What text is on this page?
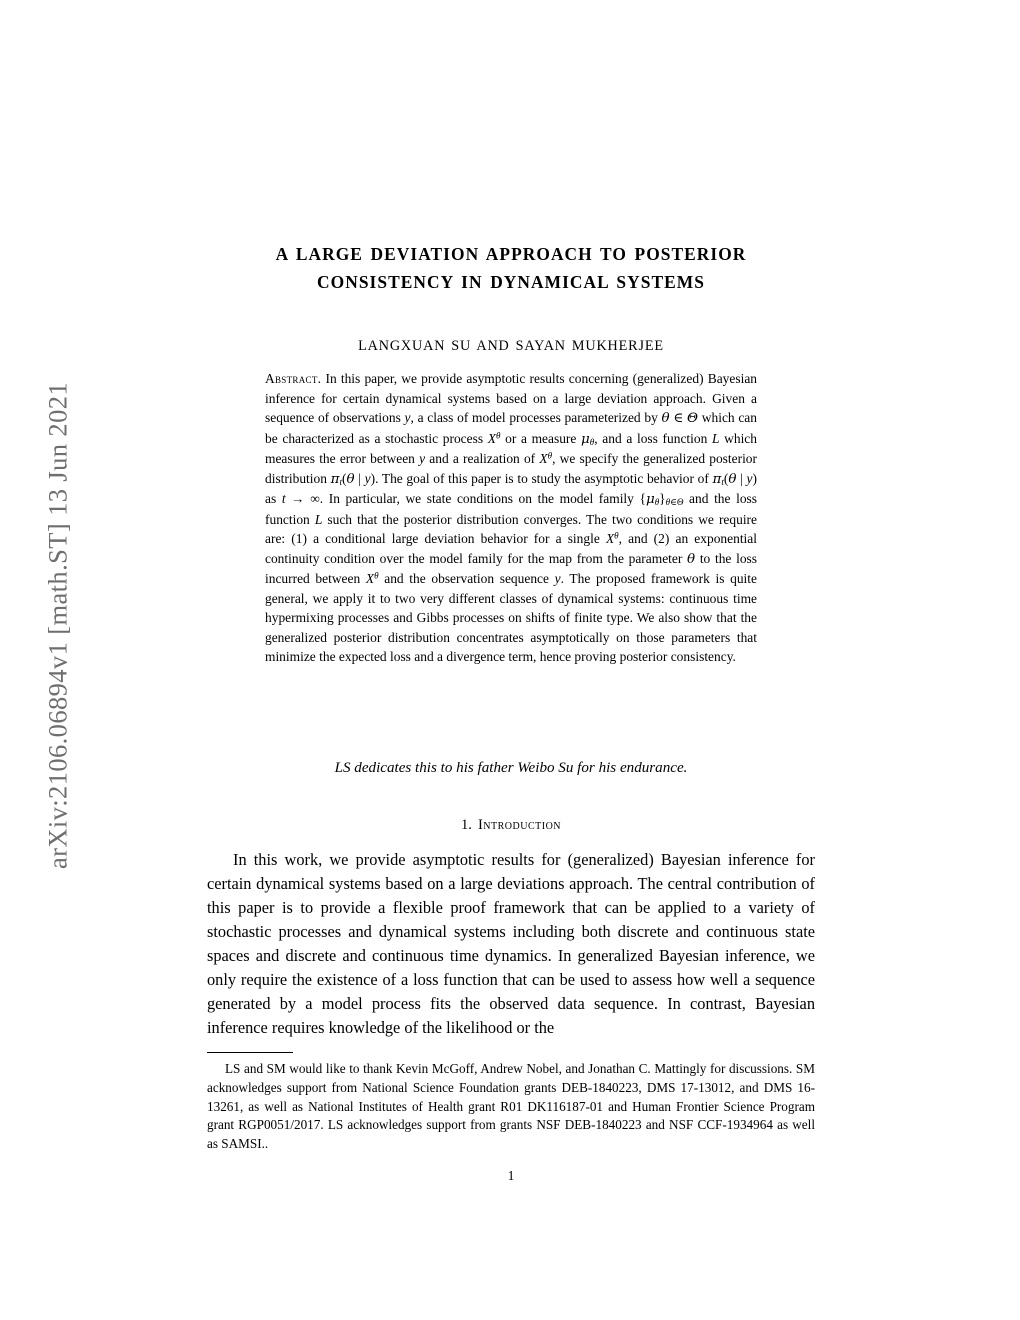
arXiv:2106.06894v1 [math.ST] 13 Jun 2021
A LARGE DEVIATION APPROACH TO POSTERIOR
CONSISTENCY IN DYNAMICAL SYSTEMS
LANGXUAN SU AND SAYAN MUKHERJEE

Abstract. In this paper, we provide asymptotic results concerning (generalized) Bayesian inference for certain dynamical systems based on a large deviation approach. Given a sequence of observations y, a class of model processes parameterized by θ ∈ Θ which can be characterized as a stochastic process $X^\theta$ or a measure $\mu_\theta$, and a loss function L which measures the error between y and a realization of $X^\theta$, we specify the generalized posterior distribution $\pi_t(\theta$ | y). The goal of this paper is to study the asymptotic behavior of $\pi_t(\theta$ | y) as t → ∞. In particular, we state conditions on the model family $\{\mu_\theta\}_{\theta\in\Theta}$ and the loss function L such that the posterior distribution converges. The two conditions we require are: (1) a conditional large deviation behavior for a single $X^\theta$, and (2) an exponential continuity condition over the model family for the map from the parameter θ to the loss incurred between $X^\theta$ and the observation sequence y. The proposed framework is quite general, we apply it to two very different classes of dynamical systems: continuous time hypermixing processes and Gibbs processes on shifts of finite type. We also show that the generalized posterior distribution concentrates asymptotically on those parameters that minimize the expected loss and a divergence term, hence proving posterior consistency.

LS dedicates this to his father Weibo Su for his endurance.
1. Introduction

In this work, we provide asymptotic results for (generalized) Bayesian inference for certain dynamical systems based on a large deviations approach. The central contribution of this paper is to provide a flexible proof framework that can be applied to a variety of stochastic processes and dynamical systems including both discrete and continuous state spaces and discrete and continuous time dynamics. In generalized Bayesian inference, we only require the existence of a loss function that can be used to assess how well a sequence generated by a model process fits the observed data sequence. In contrast, Bayesian inference requires knowledge of the likelihood or the

LS and SM would like to thank Kevin McGoff, Andrew Nobel, and Jonathan C. Mattingly for discussions. SM acknowledges support from National Science Foundation grants DEB-1840223, DMS 17-13012, and DMS 16-13261, as well as National Institutes of Health grant R01 DK116187-01 and Human Frontier Science Program grant RGP0051/2017. LS acknowledges support from grants NSF DEB-1840223 and NSF CCF-1934964 as well as SAMSI..

1
